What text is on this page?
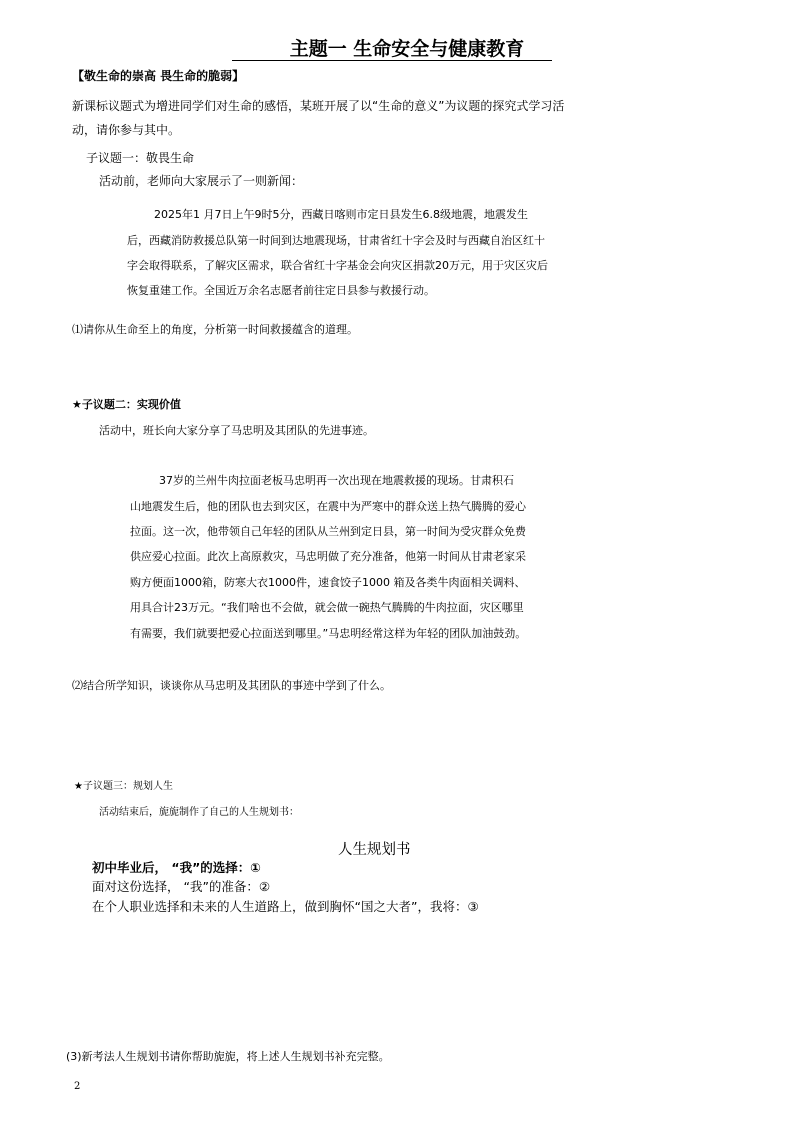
主题一 生命安全与健康教育
【敬生命的崇高 畏生命的脆弱】
新课标议题式为增进同学们对生命的感悟，某班开展了以“生命的意义”为议题的探究式学习活
动，请你参与其中。
子议题一：敬畏生命
活动前，老师向大家展示了一则新闻：
2025年1 月7日上午9时5分，西藏日喀则市定日县发生6.8级地震，地震发生
后，西藏消防救援总队第一时间到达地震现场，甘肃省红十字会及时与西藏自治区红十
字会取得联系，了解灾区需求，联合省红十字基金会向灾区捐款20万元，用于灾区灾后
恢复重建工作。全国近万余名志愿者前往定日县参与救援行动。
⑴请你从生命至上的角度，分析第一时间救援蕴含的道理。
★子议题二：实现价值
活动中，班长向大家分享了马忠明及其团队的先进事迹。
37岁的兰州牛肉拉面老板马忠明再一次出现在地震救援的现场。甘肃积石
山地震发生后，他的团队也去到灾区，在震中为严寒中的群众送上热气腾腾的爱心
拉面。这一次，他带领自己年轻的团队从兰州到定日县，第一时间为受灾群众免费
供应爱心拉面。此次上高原救灾，马忠明做了充分准备，他第一时间从甘肃老家采
购方便面1000箱，防寒大衣1000件，速食饺子1000 箱及各类牛肉面相关调料、
用具合计23万元。“我们啥也不会做，就会做一碗热气腾腾的牛肉拉面，灾区哪里
有需要，我们就要把爱心拉面送到哪里。”马忠明经常这样为年轻的团队加油鼓劲。
⑵结合所学知识，谈谈你从马忠明及其团队的事迹中学到了什么。
★子议题三：规划人生
活动结束后，旎旎制作了自己的人生规划书：
人生规划书
初中毕业后， “我”的选择：①
面对这份选择， “我”的准备：②
在个人职业选择和未来的人生道路上，做到胸怀“国之大者”，我将：③
(3)新考法人生规划书请你帮助旎旎，将上述人生规划书补充完整。
2
